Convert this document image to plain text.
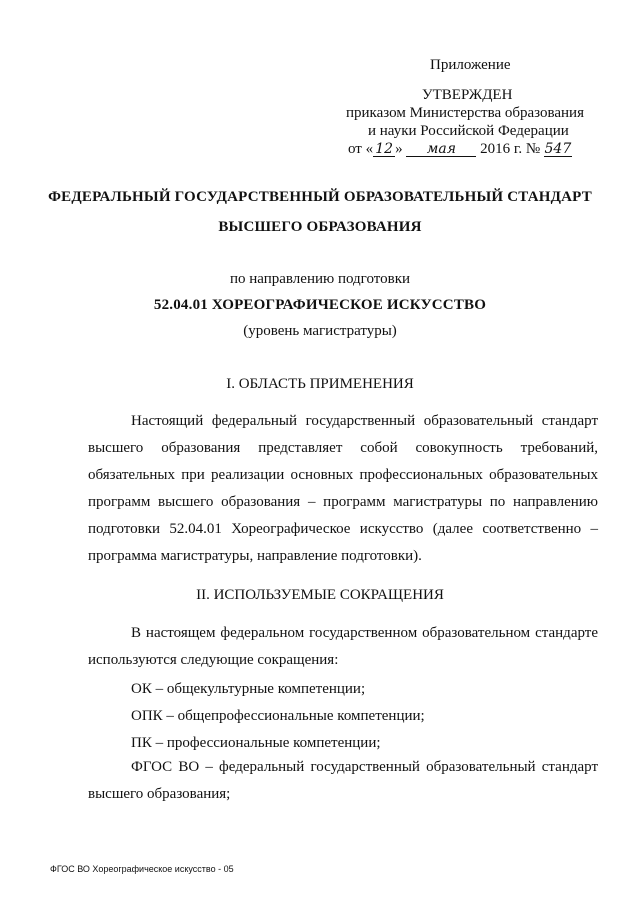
Приложение
УТВЕРЖДЕН
приказом Министерства образования
и науки Российской Федерации
от « 12 » мая 2016 г. № 547
ФЕДЕРАЛЬНЫЙ ГОСУДАРСТВЕННЫЙ ОБРАЗОВАТЕЛЬНЫЙ СТАНДАРТ
ВЫСШЕГО ОБРАЗОВАНИЯ
по направлению подготовки
52.04.01 ХОРЕОГРАФИЧЕСКОЕ ИСКУССТВО
(уровень магистратуры)
I. ОБЛАСТЬ ПРИМЕНЕНИЯ
Настоящий федеральный государственный образовательный стандарт высшего образования представляет собой совокупность требований, обязательных при реализации основных профессиональных образовательных программ высшего образования – программ магистратуры по направлению подготовки 52.04.01 Хореографическое искусство (далее соответственно – программа магистратуры, направление подготовки).
II. ИСПОЛЬЗУЕМЫЕ СОКРАЩЕНИЯ
В настоящем федеральном государственном образовательном стандарте используются следующие сокращения:
ОК – общекультурные компетенции;
ОПК – общепрофессиональные компетенции;
ПК – профессиональные компетенции;
ФГОС ВО – федеральный государственный образовательный стандарт высшего образования;
ФГОС ВО Хореографическое искусство - 05
